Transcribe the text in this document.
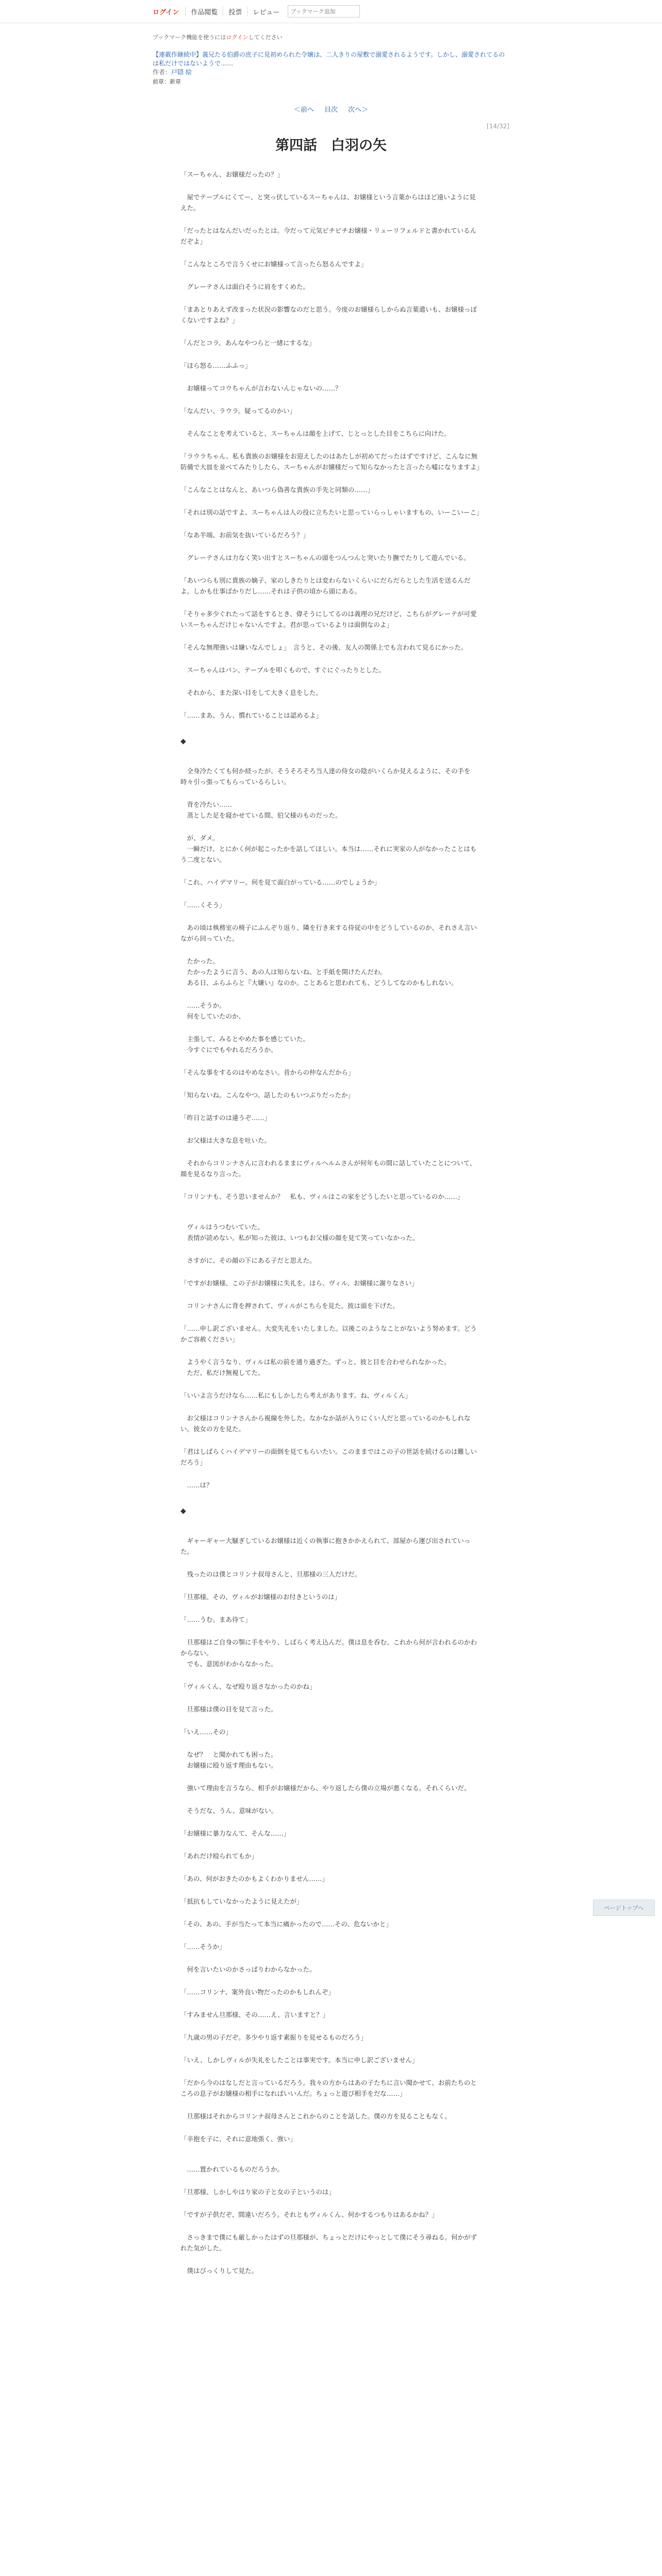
ログイン	作品閲覧	投票	レビュー
ブックマーク追加
ブックマーク機能を使うにはログインしてください
【連載作継続中】義兄たる伯爵の庶子に見初められた令嬢は、二人きりの屋敷で溺愛されるようです。しかし、溺愛されてるのは私だけではないようで……
作者：戸隠 絵
前章：新章
＜前へ 目次 次へ＞
[14/32]
第四話　白羽の矢

「スーちゃん、お嬢様だったの？」

　屋でテーブルにくてー、と突っ伏しているスーちゃんは、お嬢様という言葉からはほど遠いように見えた。

「だったとはなんだいだったとは。今だって元気ピチピチお嬢様・リューリフェルドと書かれているんだぞよ」

「こんなところで言うくせにお嬢様って言ったら怒るんですよ」

　グレーテさんは面白そうに肩をすくめた。

「まあとりあえず改まった状況の影響なのだと思う。今度のお嬢様らしからぬ言葉遣いも、お嬢様っぽくないですよね？」

「んだとコラ、あんなやつらと一緒にするな」

「ほら怒る……ふふっ」

　お嬢様ってコウちゃんが言わないんじゃないの……？

「なんだい、ラウラ。疑ってるのかい」

　そんなことを考えていると、スーちゃんは顔を上げて、じとっとした目をこちらに向けた。

「ラウラちゃん、私も貴族のお嬢様をお迎えしたのはあたしが初めてだったはずですけど、こんなに無防備で大皿を並べてみたりしたら、スーちゃんがお嬢様だって知らなかったと言ったら嘘になりますよ」

「こんなことはなんと、あいつら偽善な貴族の手先と同類の……」

「それは別の話ですよ、スーちゃんは人の役に立ちたいと思っていらっしゃいますもの。いーこいーこ」

「なあ半端、お前気を抜いているだろう？」

　グレーテさんは力なく笑い出すとスーちゃんの頭をつんつんと突いたり撫でたりして遊んでいる。

「あいつらも別に貴族の嫡子、家のしきたりとは変わらないくらいにだらだらとした生活を送るんだよ。しかも仕事ばかりだし……それは子供の頃から頭にある。

「そりゃ多少ぐれたって話をするとき、偉そうにしてるのは義理の兄だけど、こちらがグレーテが可愛いスーちゃんだけじゃないんですよ。君が思っているよりは面倒なのよ」

「そんな無理強いは嫌いなんでしょ」　言うと、その後、友人の関係上でも言われて見るにかった。

　スーちゃんはバン、テーブルを叩くもので、すぐにぐったりとした。

　それから、また深い目をして大きく息をした。

「……まあ、うん、慣れていることは認めるよ」

◆

　全身冷たくても何か経ったが、そうそろそろ当人達の侍女の陰がいくらか見えるように、その手を時々引っ張ってもらっているらしい。

　背を冷たい……
　蒸とした足を寝かせている間、伯父様のものだった。

　が、ダメ。
　一瞬だけ、とにかく何が起こったかを話してほしい。本当は……それに実家の人がなかったことはもう二度とない。

「これ、ハイデマリー。何を見て面白がっている……のでしょうか」

「……くそう」

　あの頃は執務室の椅子にふんぞり返り、隣を行き来する侍従の中をどうしているのか、それさえ言いながら回っていた。

　たかった。
　たかったように言う、あの人は知らないね、と手紙を開けたんだわ。
　ある日、ふらふらと『大嫌い』なのか。ことあると思われても、どうしてなのかもしれない。

　……そうか。
　何をしていたのか、

　主張して、みるとやめた事を感じていた。
　今すぐにでもやれるだろうか。

「そんな事をするのはやめなさい。昔からの仲なんだから」

「知らないね。こんなやつ。話したのもいつぶりだったか」

「昨日と話すのは違うぞ……」

　お父様は大きな息を吐いた。

　それからコリンナさんに言われるままにヴィルヘルムさんが何年もの間に話していたことについて、顔を見るなり言った。

「コリンナも、そう思いませんか？　私も、ヴィルはこの家をどうしたいと思っているのか……」

　ヴィルはうつむいていた。
　表情が読めない。私が知った彼は、いつもお父様の顔を見て笑っていなかった。

　さすがに、その顔の下にある子だと思えた。

「ですがお嬢様、この子がお嬢様に失礼を。ほら、ヴィル、お嬢様に謝りなさい」

　コリンナさんに背を押されて、ヴィルがこちらを見た。彼は頭を下げた。

「……申し訳ございません。大変失礼をいたしました。以後このようなことがないよう努めます。どうかご容赦ください」

　ようやく言うなり、ヴィルは私の前を通り過ぎた。ずっと、彼と目を合わせられなかった。
　ただ、私だけ無視してた。

「いいよ言うだけなら……私にもしかしたら考えがあります。ね、ヴィルくん」

　お父様はコリンナさんから視線を外した。なかなか話が入りにくい人だと思っているのかもしれない。彼女の方を見た。

「君はしばらくハイデマリーの面倒を見てもらいたい。このままではこの子の世話を続けるのは難しいだろう」

　……は？

◆

　ギャーギャー大騒ぎしているお嬢様は近くの執事に抱きかかえられて、部屋から運び出されていった。

　残ったのは僕とコリンナ叔母さんと、旦那様の三人だけだ。

「旦那様。その、ヴィルがお嬢様のお付きというのは」

「……うむ。まあ待て」

　旦那様はご自身の顎に手をやり、しばらく考え込んだ。僕は息を呑む。これから何が言われるのかわからない。
　でも、意図がわからなかった。

「ヴィルくん、なぜ殴り返さなかったのかね」

　旦那様は僕の目を見て言った。

「いえ……その」

　なぜ？　と聞かれても困った。
　お嬢様に殴り返す理由もない。

　強いて理由を言うなら、相手がお嬢様だから、やり返したら僕の立場が悪くなる。それくらいだ。

　そうだな、うん、意味がない。

「お嬢様に暴力なんて、そんな……」

「あれだけ殴られてもか」

「あの、何がおきたのかもよくわかりません……」

「抵抗もしていなかったように見えたが」

「その、あの、手が当たって本当に痛かったので……その、危ないかと」

「……そうか」

　何を言いたいのかさっぱりわからなかった。

「……コリンナ、案外良い物だったのかもしれんぞ」

「すみません旦那様、その……え、言いますと？」

「九歳の男の子だぞ。多少やり返す素振りを見せるものだろう」

「いえ、しかしヴィルが失礼をしたことは事実です。本当に申し訳ございません」

「だから今のはなしだと言っているだろう。我々の方からはあの子たちに言い聞かせて、お前たちのところの息子がお嬢様の相手になればいいんだ。ちょっと遊び相手をだな……」

　旦那様はそれからコリンナ叔母さんとこれからのことを話した。僕の方を見ることもなく。

「辛抱を子に、それに意地張く、強い」

　……置かれているものだろうか。

「旦那様、しかしやはり家の子と女の子というのは」

「ですが子供だぞ、間違いだろう。それともヴィルくん、何かするつもりはあるかね？」

　さっきまで僕にも厳しかったはずの旦那様が、ちょっとだけにやっとして僕にそう尋ねる。何かがずれた気がした。

　僕はびっくりして見た。

ページトップへ
